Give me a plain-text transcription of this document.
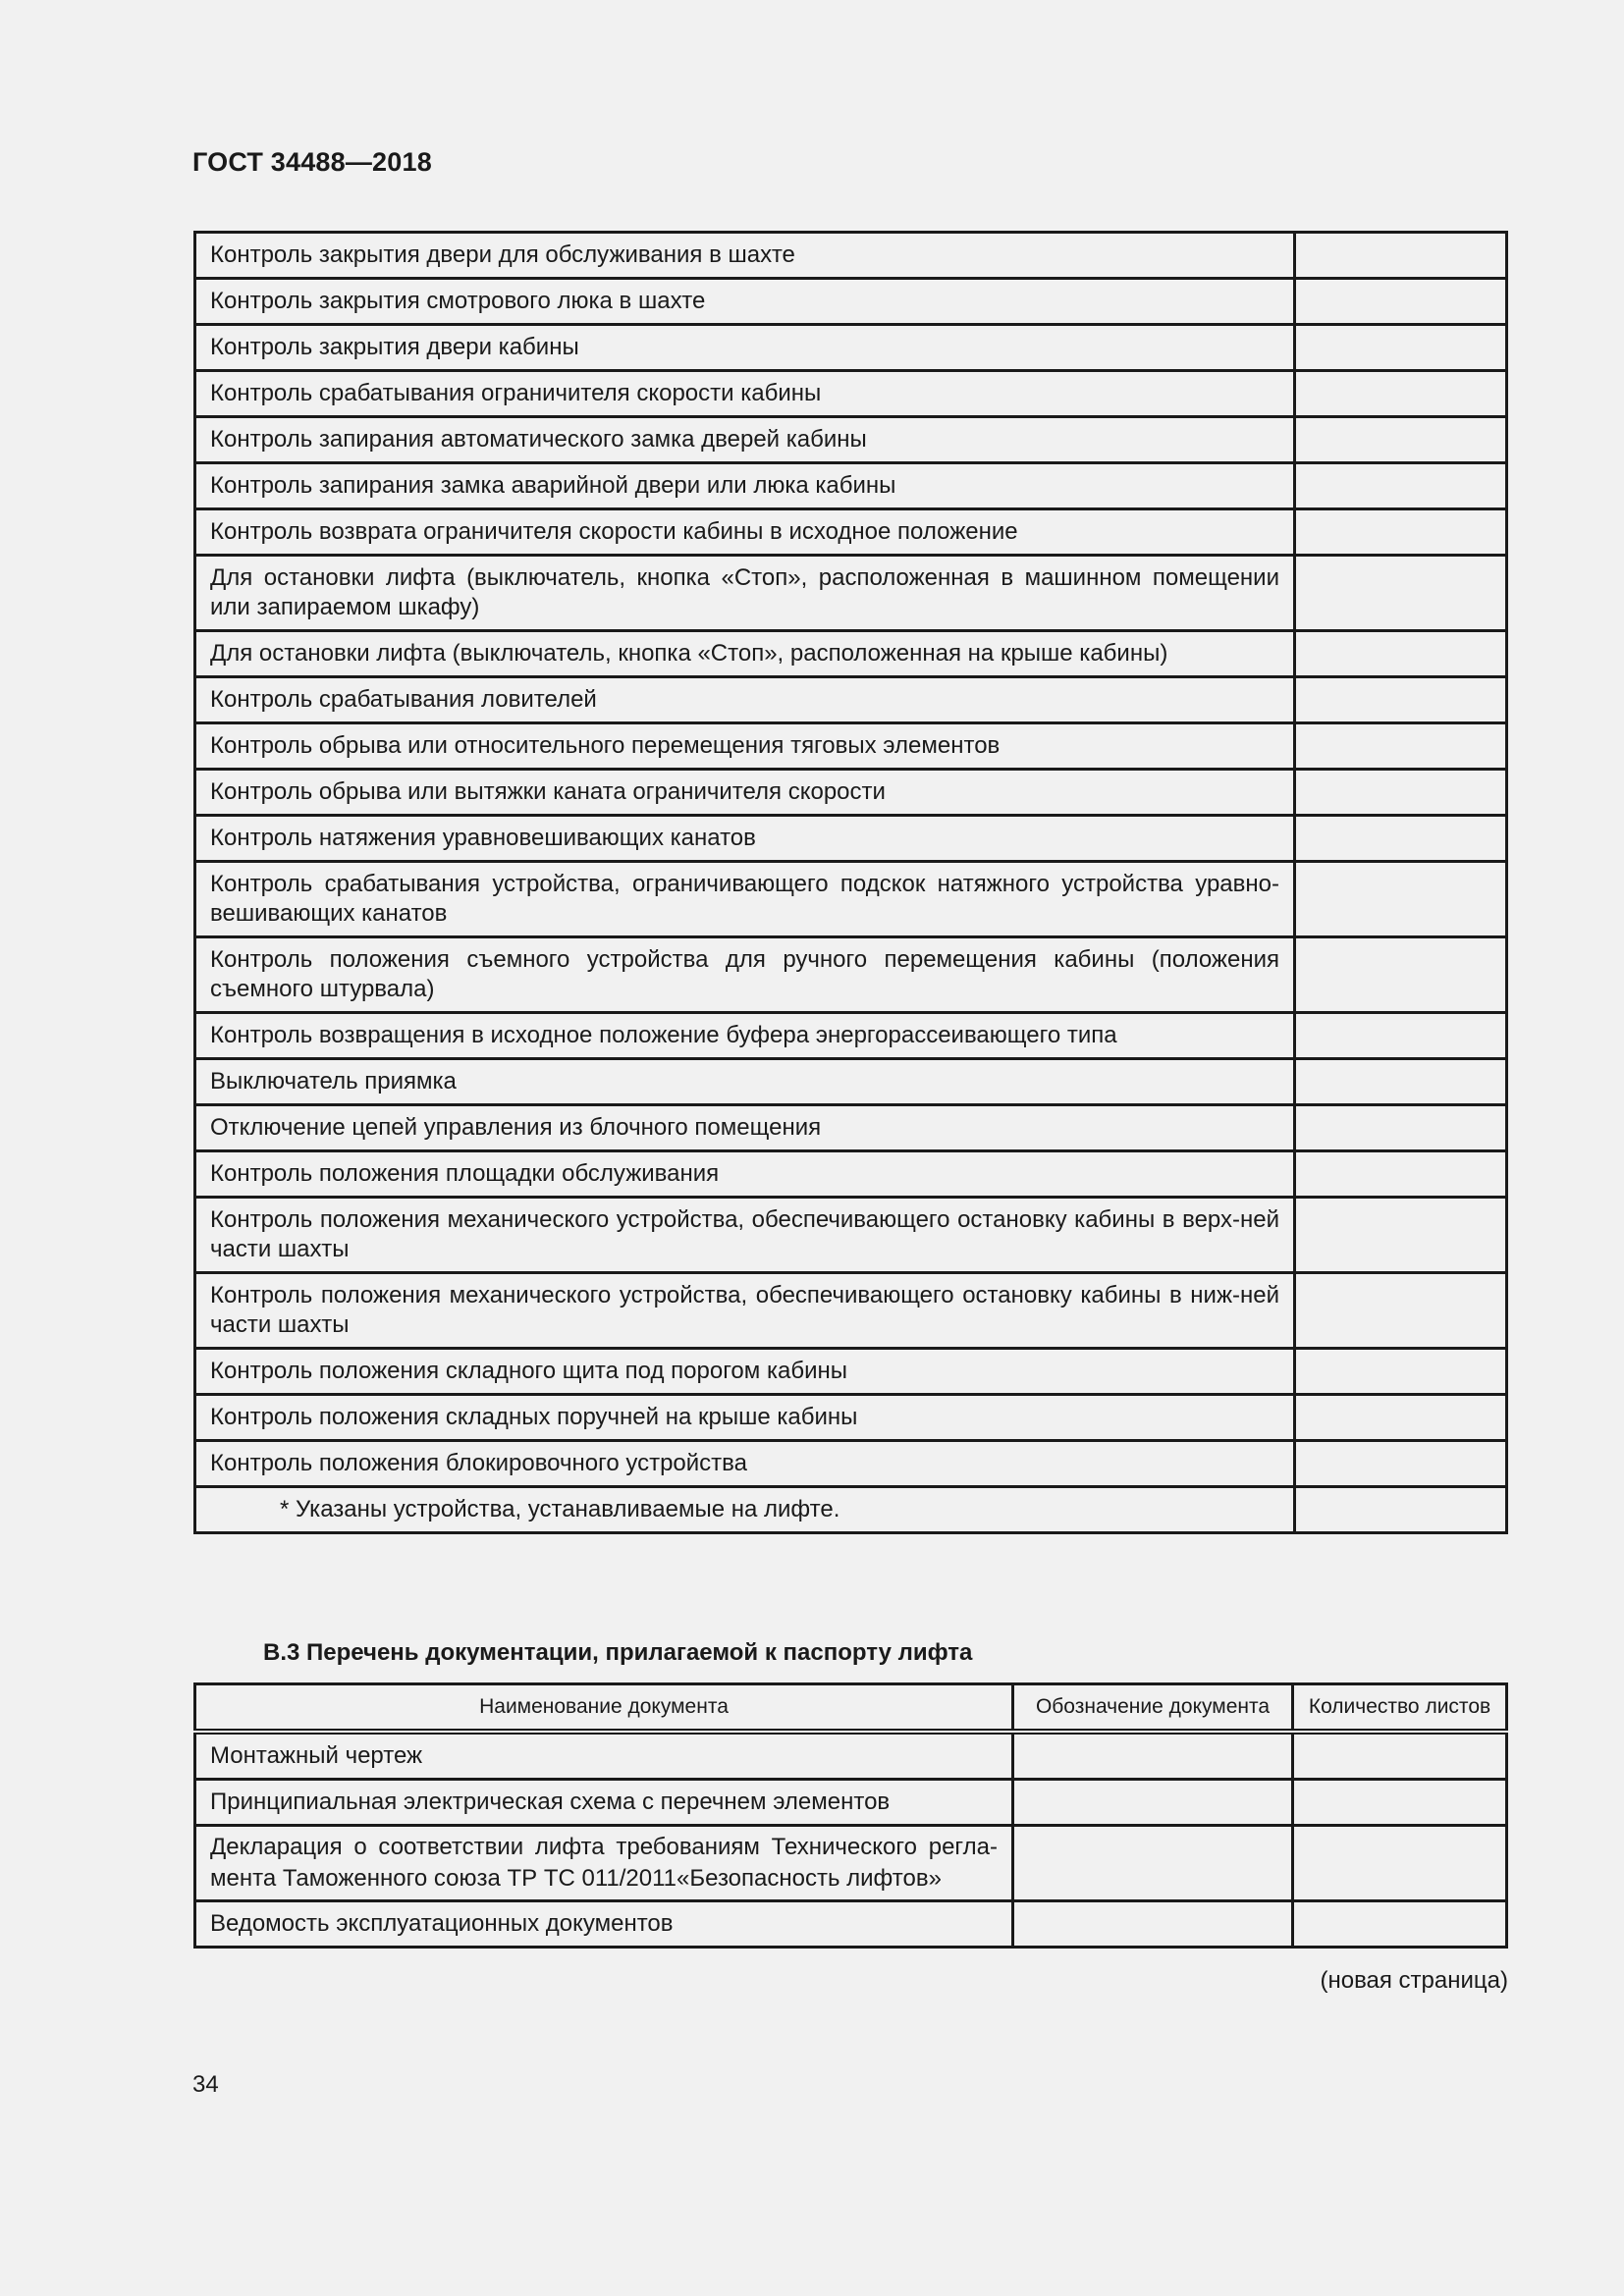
ГОСТ 34488—2018
Контроль закрытия двери для обслуживания в шахте	
Контроль закрытия смотрового люка в шахте	
Контроль закрытия двери кабины	
Контроль срабатывания ограничителя скорости кабины	
Контроль запирания автоматического замка дверей кабины	
Контроль запирания замка аварийной двери или люка кабины	
Контроль возврата ограничителя скорости кабины в исходное положение	
Для остановки лифта (выключатель, кнопка «Стоп», расположенная в машинном помещении или запираемом шкафу)	
Для остановки лифта (выключатель, кнопка «Стоп», расположенная на крыше кабины)	
Контроль срабатывания ловителей	
Контроль обрыва или относительного перемещения тяговых элементов	
Контроль обрыва или вытяжки каната ограничителя скорости	
Контроль натяжения уравновешивающих канатов	
Контроль срабатывания устройства, ограничивающего подскок натяжного устройства уравно-вешивающих канатов	
Контроль положения съемного устройства для ручного перемещения кабины (положения съемного штурвала)	
Контроль возвращения в исходное положение буфера энергорассеивающего типа	
Выключатель приямка	
Отключение цепей управления из блочного помещения	
Контроль положения площадки обслуживания	
Контроль положения механического устройства, обеспечивающего остановку кабины в верх-ней части шахты	
Контроль положения механического устройства, обеспечивающего остановку кабины в ниж-ней части шахты	
Контроль положения складного щита под порогом кабины	
Контроль положения складных поручней на крыше кабины	
Контроль положения блокировочного устройства	
* Указаны устройства, устанавливаемые на лифте.	
В.3 Перечень документации, прилагаемой к паспорту лифта
Наименование документа	Обозначение документа	Количество листов
Монтажный чертеж		
Принципиальная электрическая схема с перечнем элементов		
Декларация о соответствии лифта требованиям Технического регла-мента Таможенного союза ТР ТС 011/2011«Безопасность лифтов»		
Ведомость эксплуатационных документов		
(новая страница)
34
